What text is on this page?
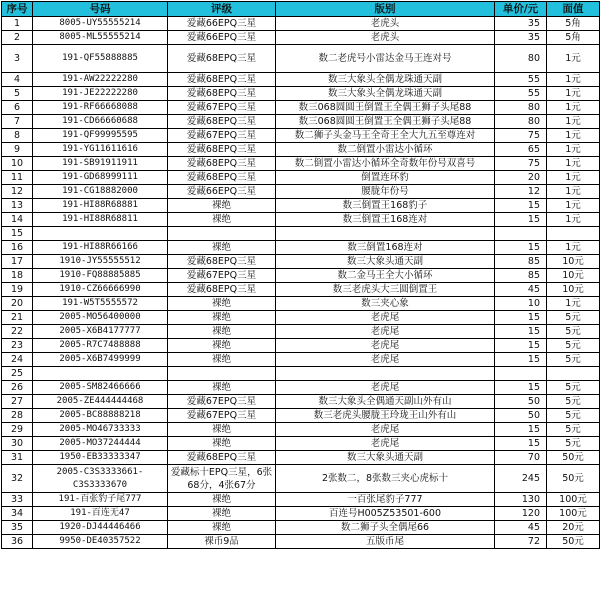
序号	号码	评级	版别	单价/元	面值
1	8005-UY55555214	爱藏66EPQ三星	老虎头	35	5角
2	8005-ML55555214	爱藏66EPQ三星	老虎头	35	5角
3	191-QF55888885	爱藏68EPQ三星	数二老虎号小雷达金马王连对号	80	1元
4	191-AW22222280	爱藏68EPQ三星	数三大象头全偶龙珠通天副	55	1元
5	191-JE22222280	爱藏68EPQ三星	数三大象头全偶龙珠通天副	55	1元
6	191-RF66668088	爱藏67EPQ三星	数三068圆圆王倒置王全偶王狮子头尾88	80	1元
7	191-CD66660688	爱藏68EPQ三星	数三068圆圆王倒置王全偶王狮子头尾88	80	1元
8	191-QF99995595	爱藏67EPQ三星	数二狮子头金马王全奇王全大九五至尊连对	75	1元
9	191-YG11611616	爱藏68EPQ三星	数二倒置小雷达小循环	65	1元
10	191-SB91911911	爱藏68EPQ三星	数二倒置小雷达小循环全奇数年份号双喜号	75	1元
11	191-GD68999111	爱藏68EPQ三星	倒置连环豹	20	1元
12	191-CG18882000	爱藏66EPQ三星	腰胧年份号	12	1元
13	191-HI88R68881	裸绝	数三倒置王168豹子	15	1元
14	191-HI88R68811	裸绝	数三倒置王168连对	15	1元
15					
16	191-HI88R66166	裸绝	数三倒置168连对	15	1元
17	1910-JY55555512	爱藏68EPQ三星	数三大象头通天副	85	10元
18	1910-FQ88885885	爱藏67EPQ三星	数二金马王全大小循环	85	10元
19	1910-CZ66666990	爱藏68EPQ三星	数三老虎头大三圆倒置王	45	10元
20	191-W5T5555572	裸绝	数三夹心象	10	1元
21	2005-MO56400000	裸绝	老虎尾	15	5元
22	2005-X6B4177777	裸绝	老虎尾	15	5元
23	2005-R7C7488888	裸绝	老虎尾	15	5元
24	2005-X6B7499999	裸绝	老虎尾	15	5元
25					
26	2005-SM82466666	裸绝	老虎尾	15	5元
27	2005-ZE444444468	爱藏67EPQ三星	数三大象头全偶通天副山外有山	50	5元
28	2005-BC88888218	爱藏67EPQ三星	数三老虎头腰胧王玲珑王山外有山	50	5元
29	2005-MO46733333	裸绝	老虎尾	15	5元
30	2005-MO37244444	裸绝	老虎尾	15	5元
31	1950-EB33333347	爱藏68EPQ三星	数三大象头通天副	70	50元
32	2005-C3S3333661-C3S3333670	爱藏标十EPQ三星，6张68分，4张67分	2张数二，8张数三夹心虎标十	245	50元
33	191-百张豹子尾777	裸绝	一百张尾豹子777	130	100元
34	191-百连无47	裸绝	百连号H005Z53501-600	120	100元
35	1920-DJ44446466	裸绝	数二狮子头全偶尾66	45	20元
36	9950-DE40357522	裸币9品	五版币尾	72	50元
